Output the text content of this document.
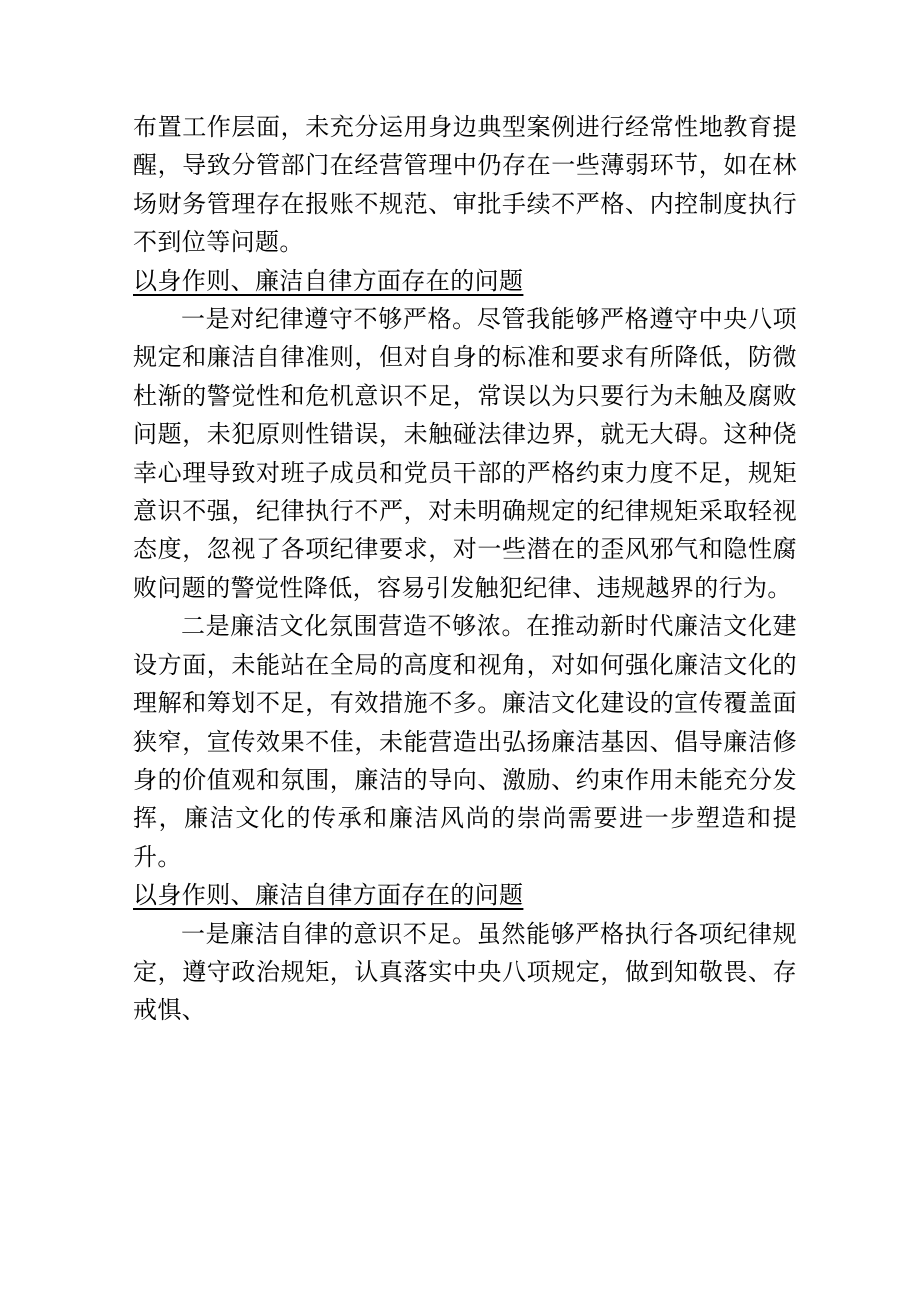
布置工作层面，未充分运用身边典型案例进行经常性地教育提醒，导致分管部门在经营管理中仍存在一些薄弱环节，如在林场财务管理存在报账不规范、审批手续不严格、内控制度执行不到位等问题。

以身作则、廉洁自律方面存在的问题

一是对纪律遵守不够严格。尽管我能够严格遵守中央八项规定和廉洁自律准则，但对自身的标准和要求有所降低，防微杜渐的警觉性和危机意识不足，常误以为只要行为未触及腐败问题，未犯原则性错误，未触碰法律边界，就无大碍。这种侥幸心理导致对班子成员和党员干部的严格约束力度不足，规矩意识不强，纪律执行不严，对未明确规定的纪律规矩采取轻视态度，忽视了各项纪律要求，对一些潜在的歪风邪气和隐性腐败问题的警觉性降低，容易引发触犯纪律、违规越界的行为。

二是廉洁文化氛围营造不够浓。在推动新时代廉洁文化建设方面，未能站在全局的高度和视角，对如何强化廉洁文化的理解和筹划不足，有效措施不多。廉洁文化建设的宣传覆盖面狭窄，宣传效果不佳，未能营造出弘扬廉洁基因、倡导廉洁修身的价值观和氛围，廉洁的导向、激励、约束作用未能充分发挥，廉洁文化的传承和廉洁风尚的崇尚需要进一步塑造和提升。

以身作则、廉洁自律方面存在的问题

一是廉洁自律的意识不足。虽然能够严格执行各项纪律规定，遵守政治规矩，认真落实中央八项规定，做到知敬畏、存戒惧、
